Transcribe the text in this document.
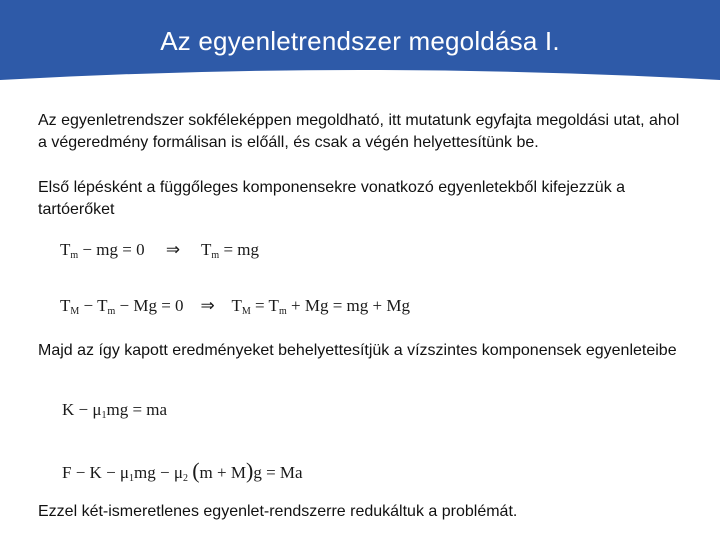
Az egyenletrendszer megoldása I.

Az egyenletrendszer sokféleképpen megoldható, itt mutatunk egyfajta megoldási utat, ahol a végeredmény formálisan is előáll, és csak a végén helyettesítünk be.

Első lépésként a függőleges komponensekre vonatkozó egyenletekből kifejezzük a tartóerőket

$T_m$ − mg = 0     ⇒     $T_m$ = mg
$T_M - T_m - Mg = 0$    ⇒    $T_M = T_m + Mg$ = mg + Mg

Majd az így kapott eredményeket behelyettesítjük a vízszintes komponensek egyenleteibe

$K - \mu_1mg$ = ma
$F - K - \mu_1mg - \mu_2$ (m + M)g = Ma

Ezzel két-ismeretlenes egyenlet-rendszerre redukáltuk a problémát.
